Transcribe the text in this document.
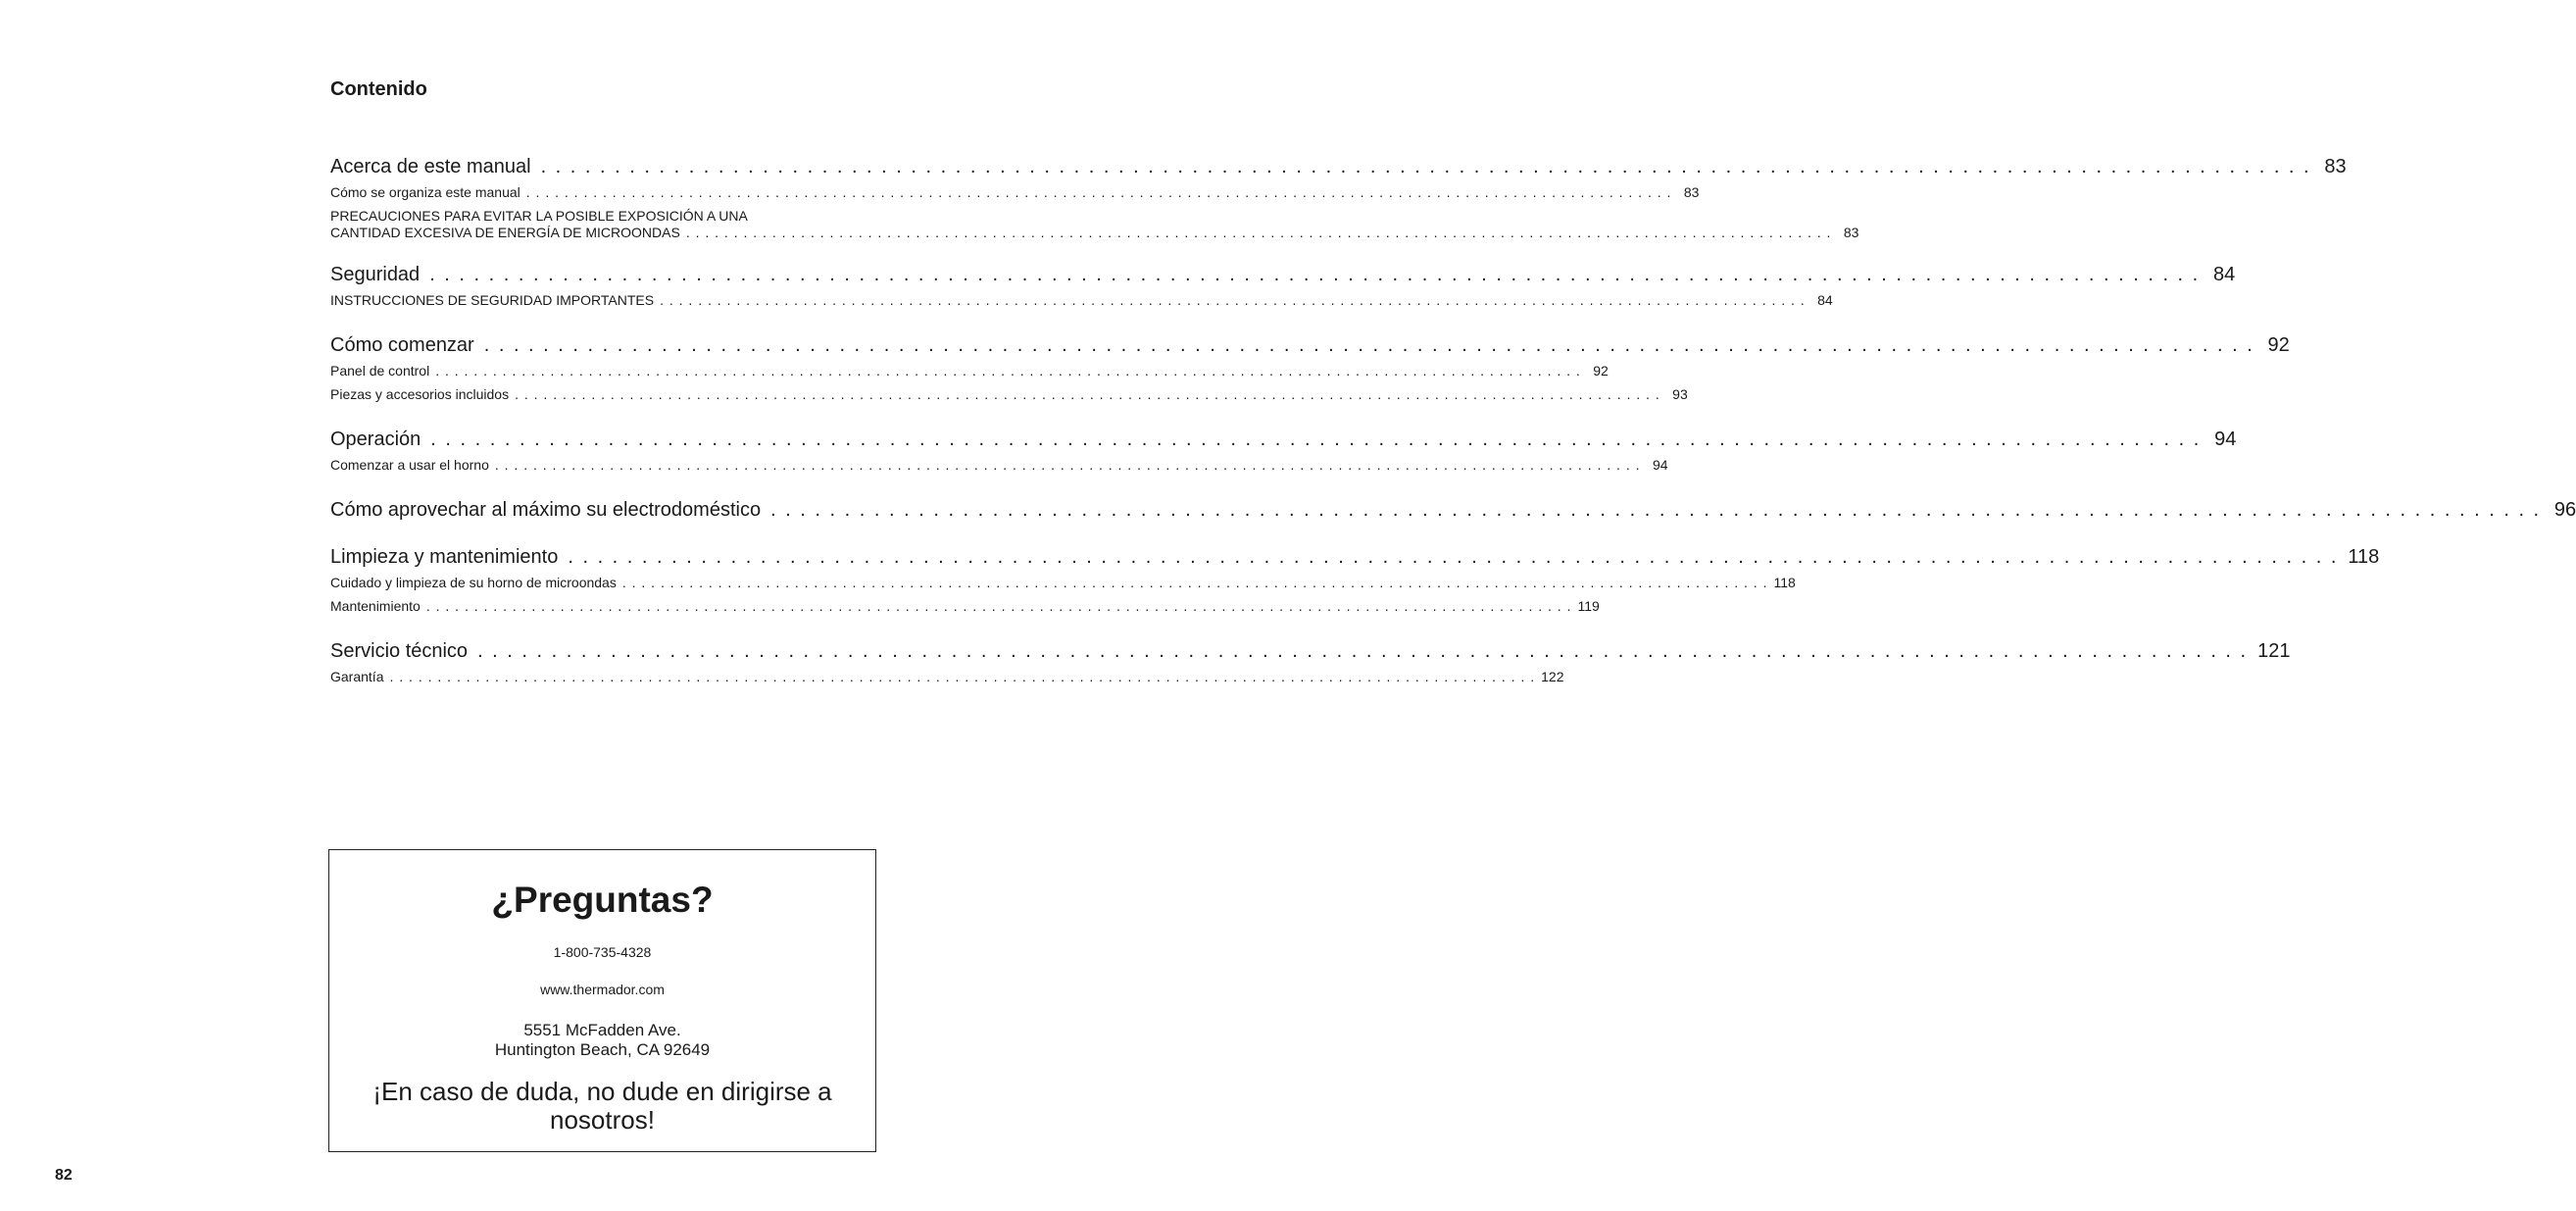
Contenido
Acerca de este manual . . . . . . . . . . . . . . . . . . . . . . . . . . . . . . . . . . . . . . . . . . . . . . . . . . . . . . . . . . . . . . . . . . . . . . . . . . . . . . . . . . . . . . . . . . . . . . . . . . . . . . . . . . . . . . . . . . . . . . . . 83
Cómo se organiza este manual . . . . . . . . . . . . . . . . . . . . . . . . . . . . . . . . . . . . . . . . . . . . . . . . . . . . . . . . . . . . . . . . . . . . . . . . . . . . . . . . . . . . . . . . . . . . . . . . . . . . . . . . . . . . . . . . . . . . . . . . 83
PRECAUCIONES PARA EVITAR LA POSIBLE EXPOSICIÓN A UNA
CANTIDAD EXCESIVA DE ENERGÍA DE MICROONDAS . . . . . . . . . . . . . . . . . . . . . . . . . . . . . . . . . . . . . . . . . . . . . . . . . . . . . . . . . . . . . . . . . . . . . . . . . . . . . . . . . . . . . . . . . . . . . . . . . . . . . . . . . . . . . . . . . . . . . . . . 83
Seguridad . . . . . . . . . . . . . . . . . . . . . . . . . . . . . . . . . . . . . . . . . . . . . . . . . . . . . . . . . . . . . . . . . . . . . . . . . . . . . . . . . . . . . . . . . . . . . . . . . . . . . . . . . . . . . . . . . . . . . . . . 84
INSTRUCCIONES DE SEGURIDAD IMPORTANTES . . . . . . . . . . . . . . . . . . . . . . . . . . . . . . . . . . . . . . . . . . . . . . . . . . . . . . . . . . . . . . . . . . . . . . . . . . . . . . . . . . . . . . . . . . . . . . . . . . . . . . . . . . . . . . . . . . . . . . . . 84
Cómo comenzar . . . . . . . . . . . . . . . . . . . . . . . . . . . . . . . . . . . . . . . . . . . . . . . . . . . . . . . . . . . . . . . . . . . . . . . . . . . . . . . . . . . . . . . . . . . . . . . . . . . . . . . . . . . . . . . . . . . . . . . . 92
Panel de control . . . . . . . . . . . . . . . . . . . . . . . . . . . . . . . . . . . . . . . . . . . . . . . . . . . . . . . . . . . . . . . . . . . . . . . . . . . . . . . . . . . . . . . . . . . . . . . . . . . . . . . . . . . . . . . . . . . . . . . . 92
Piezas y accesorios incluidos . . . . . . . . . . . . . . . . . . . . . . . . . . . . . . . . . . . . . . . . . . . . . . . . . . . . . . . . . . . . . . . . . . . . . . . . . . . . . . . . . . . . . . . . . . . . . . . . . . . . . . . . . . . . . . . . . . . . . . . . 93
Operación . . . . . . . . . . . . . . . . . . . . . . . . . . . . . . . . . . . . . . . . . . . . . . . . . . . . . . . . . . . . . . . . . . . . . . . . . . . . . . . . . . . . . . . . . . . . . . . . . . . . . . . . . . . . . . . . . . . . . . . . 94
Comenzar a usar el horno . . . . . . . . . . . . . . . . . . . . . . . . . . . . . . . . . . . . . . . . . . . . . . . . . . . . . . . . . . . . . . . . . . . . . . . . . . . . . . . . . . . . . . . . . . . . . . . . . . . . . . . . . . . . . . . . . . . . . . . . 94
Cómo aprovechar al máximo su electrodoméstico . . . . . . . . . . . . . . . . . . . . . . . . . . . . . . . . . . . . . . . . . . . . . . . . . . . . . . . . . . . . . . . . . . . . . . . . . . . . . . . . . . . . . . . . . . . . . . . . . . . . . . . . . . . . . . . . . . . . . . . . 96
Limpieza y mantenimiento . . . . . . . . . . . . . . . . . . . . . . . . . . . . . . . . . . . . . . . . . . . . . . . . . . . . . . . . . . . . . . . . . . . . . . . . . . . . . . . . . . . . . . . . . . . . . . . . . . . . . . . . . . . . . . . . . . . . . . . . 118
Cuidado y limpieza de su horno de microondas . . . . . . . . . . . . . . . . . . . . . . . . . . . . . . . . . . . . . . . . . . . . . . . . . . . . . . . . . . . . . . . . . . . . . . . . . . . . . . . . . . . . . . . . . . . . . . . . . . . . . . . . . . . . . . . . . . . . . . . . 118
Mantenimiento . . . . . . . . . . . . . . . . . . . . . . . . . . . . . . . . . . . . . . . . . . . . . . . . . . . . . . . . . . . . . . . . . . . . . . . . . . . . . . . . . . . . . . . . . . . . . . . . . . . . . . . . . . . . . . . . . . . . . . . . 119
Servicio técnico . . . . . . . . . . . . . . . . . . . . . . . . . . . . . . . . . . . . . . . . . . . . . . . . . . . . . . . . . . . . . . . . . . . . . . . . . . . . . . . . . . . . . . . . . . . . . . . . . . . . . . . . . . . . . . . . . . . . . . . . 121
Garantía . . . . . . . . . . . . . . . . . . . . . . . . . . . . . . . . . . . . . . . . . . . . . . . . . . . . . . . . . . . . . . . . . . . . . . . . . . . . . . . . . . . . . . . . . . . . . . . . . . . . . . . . . . . . . . . . . . . . . . . . 122
¿Preguntas?
1-800-735-4328
www.thermador.com
5551 McFadden Ave.
Huntington Beach, CA 92649
¡En caso de duda, no dude en dirigirse a nosotros!
82
